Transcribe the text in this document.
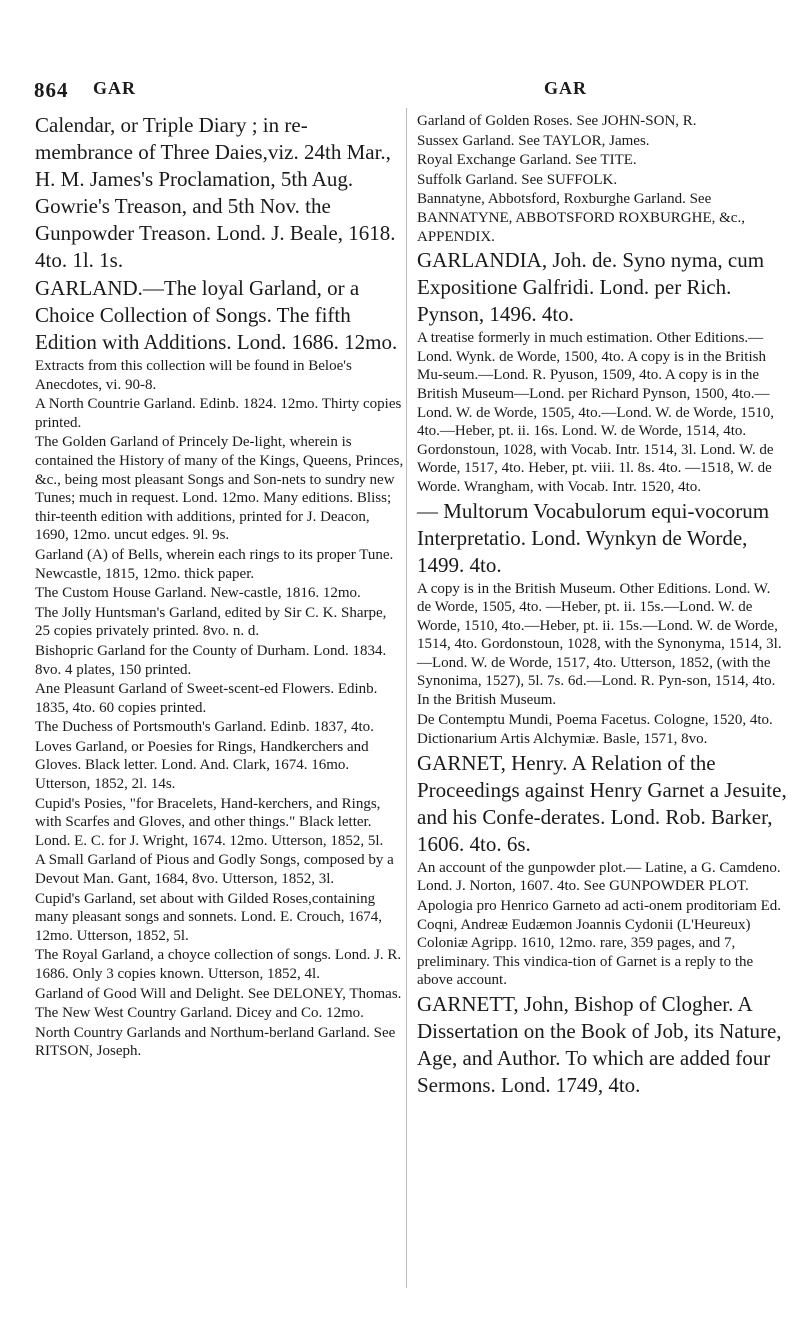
864 GAR	GAR

Calendar, or Triple Diary ; in re-membrance of Three Daies,viz. 24th Mar., H. M. James's Proclamation, 5th Aug. Gowrie's Treason, and 5th Nov. the Gunpowder Treason. Lond. J. Beale, 1618. 4to. 1l. 1s.

GARLAND.—The loyal Garland, or a Choice Collection of Songs. The fifth Edition with Additions. Lond. 1686. 12mo.

Extracts from this collection will be found in Beloe's Anecdotes, vi. 90-8.

A North Countrie Garland. Edinb. 1824. 12mo. Thirty copies printed.

The Golden Garland of Princely De-light, wherein is contained the History of many of the Kings, Queens, Princes, &c., being most pleasant Songs and Son-nets to sundry new Tunes; much in request. Lond. 12mo. Many editions. Bliss; thir-teenth edition with additions, printed for J. Deacon, 1690, 12mo. uncut edges. 9l. 9s.

Garland (A) of Bells, wherein each rings to its proper Tune. Newcastle, 1815, 12mo. thick paper.

The Custom House Garland. New-castle, 1816. 12mo.

The Jolly Huntsman's Garland, edited by Sir C. K. Sharpe, 25 copies privately printed. 8vo. n. d.

Bishopric Garland for the County of Durham. Lond. 1834. 8vo. 4 plates, 150 printed.

Ane Pleasunt Garland of Sweet-scent-ed Flowers. Edinb. 1835, 4to. 60 copies printed.

The Duchess of Portsmouth's Garland. Edinb. 1837, 4to.

Loves Garland, or Poesies for Rings, Handkerchers and Gloves. Black letter. Lond. And. Clark, 1674. 16mo. Utterson, 1852, 2l. 14s.

Cupid's Posies, "for Bracelets, Hand-kerchers, and Rings, with Scarfes and Gloves, and other things." Black letter. Lond. E. C. for J. Wright, 1674. 12mo. Utterson, 1852, 5l.

A Small Garland of Pious and Godly Songs, composed by a Devout Man. Gant, 1684, 8vo. Utterson, 1852, 3l.

Cupid's Garland, set about with Gilded Roses,containing many pleasant songs and sonnets. Lond. E. Crouch, 1674, 12mo. Utterson, 1852, 5l.

The Royal Garland, a choyce collection of songs. Lond. J. R. 1686. Only 3 copies known. Utterson, 1852, 4l.

Garland of Good Will and Delight. See DELONEY, Thomas.

The New West Country Garland. Dicey and Co. 12mo.

North Country Garlands and Northum-berland Garland. See RITSON, Joseph.

Garland of Golden Roses. See JOHN-SON, R.

Sussex Garland. See TAYLOR, James.

Royal Exchange Garland. See TITE.

Suffolk Garland. See SUFFOLK.

Bannatyne, Abbotsford, Roxburghe Garland. See BANNATYNE, ABBOTSFORD ROXBURGHE, &c., APPENDIX.

GARLANDIA, Joh. de. Syno nyma, cum Expositione Galfridi. Lond. per Rich. Pynson, 1496. 4to.

A treatise formerly in much estimation. Other Editions.—Lond. Wynk. de Worde, 1500, 4to. A copy is in the British Mu-seum.—Lond. R. Pyuson, 1509, 4to. A copy is in the British Museum—Lond. per Richard Pynson, 1500, 4to.—Lond. W. de Worde, 1505, 4to.—Lond. W. de Worde, 1510, 4to.—Heber, pt. ii. 16s. Lond. W. de Worde, 1514, 4to. Gordonstoun, 1028, with Vocab. Intr. 1514, 3l. Lond. W. de Worde, 1517, 4to. Heber, pt. viii. 1l. 8s. 4to. —1518, W. de Worde. Wrangham, with Vocab. Intr. 1520, 4to.

— Multorum Vocabulorum equi-vocorum Interpretatio. Lond. Wynkyn de Worde, 1499. 4to.

A copy is in the British Museum. Other Editions. Lond. W. de Worde, 1505, 4to. —Heber, pt. ii. 15s.—Lond. W. de Worde, 1510, 4to.—Heber, pt. ii. 15s.—Lond. W. de Worde, 1514, 4to. Gordonstoun, 1028, with the Synonyma, 1514, 3l.—Lond. W. de Worde, 1517, 4to. Utterson, 1852, (with the Synonima, 1527), 5l. 7s. 6d.—Lond. R. Pyn-son, 1514, 4to. In the British Museum.

De Contemptu Mundi, Poema Facetus. Cologne, 1520, 4to.

Dictionarium Artis Alchymiæ. Basle, 1571, 8vo.

GARNET, Henry. A Relation of the Proceedings against Henry Garnet a Jesuite, and his Confe-derates. Lond. Rob. Barker, 1606. 4to. 6s.

An account of the gunpowder plot.— Latine, a G. Camdeno. Lond. J. Norton, 1607. 4to. See GUNPOWDER PLOT.

Apologia pro Henrico Garneto ad acti-onem proditoriam Ed. Coqni, Andreæ Eudæmon Joannis Cydonii (L'Heureux) Coloniæ Agripp. 1610, 12mo. rare, 359 pages, and 7, preliminary. This vindica-tion of Garnet is a reply to the above account.

GARNETT, John, Bishop of Clogher. A Dissertation on the Book of Job, its Nature, Age, and Author. To which are added four Sermons. Lond. 1749, 4to.
